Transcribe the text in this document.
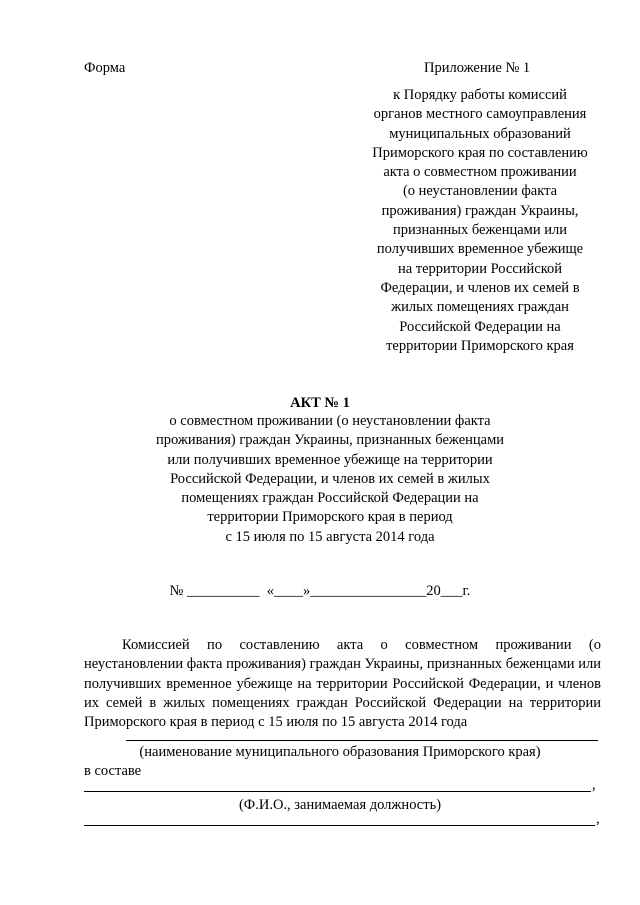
Форма	Приложение № 1
к Порядку работы комиссий
органов местного самоуправления
муниципальных образований
Приморского края по составлению
акта о совместном проживании
(о неустановлении факта
проживания) граждан Украины,
признанных беженцами или
получивших временное убежище
на территории Российской
Федерации, и членов их семей в
жилых помещениях граждан
Российской Федерации на
территории Приморского края
АКТ № 1
о совместном проживании (о неустановлении факта
проживания) граждан Украины, признанных беженцами
или получивших временное убежище на территории
Российской Федерации, и членов их семей в жилых
помещениях граждан Российской Федерации на
территории Приморского края в период
с 15 июля по 15 августа 2014 года
№ __________  «____»________________20___г.
Комиссией по составлению акта о совместном проживании (о неустановлении факта проживания) граждан Украины, признанных беженцами или получивших временное убежище на территории Российской Федерации, и членов их семей в жилых помещениях граждан Российской Федерации на территории Приморского края в период с 15 июля по 15 августа 2014 года
(наименование муниципального образования Приморского края)
в составе
,
(Ф.И.О., занимаемая должность)
,
